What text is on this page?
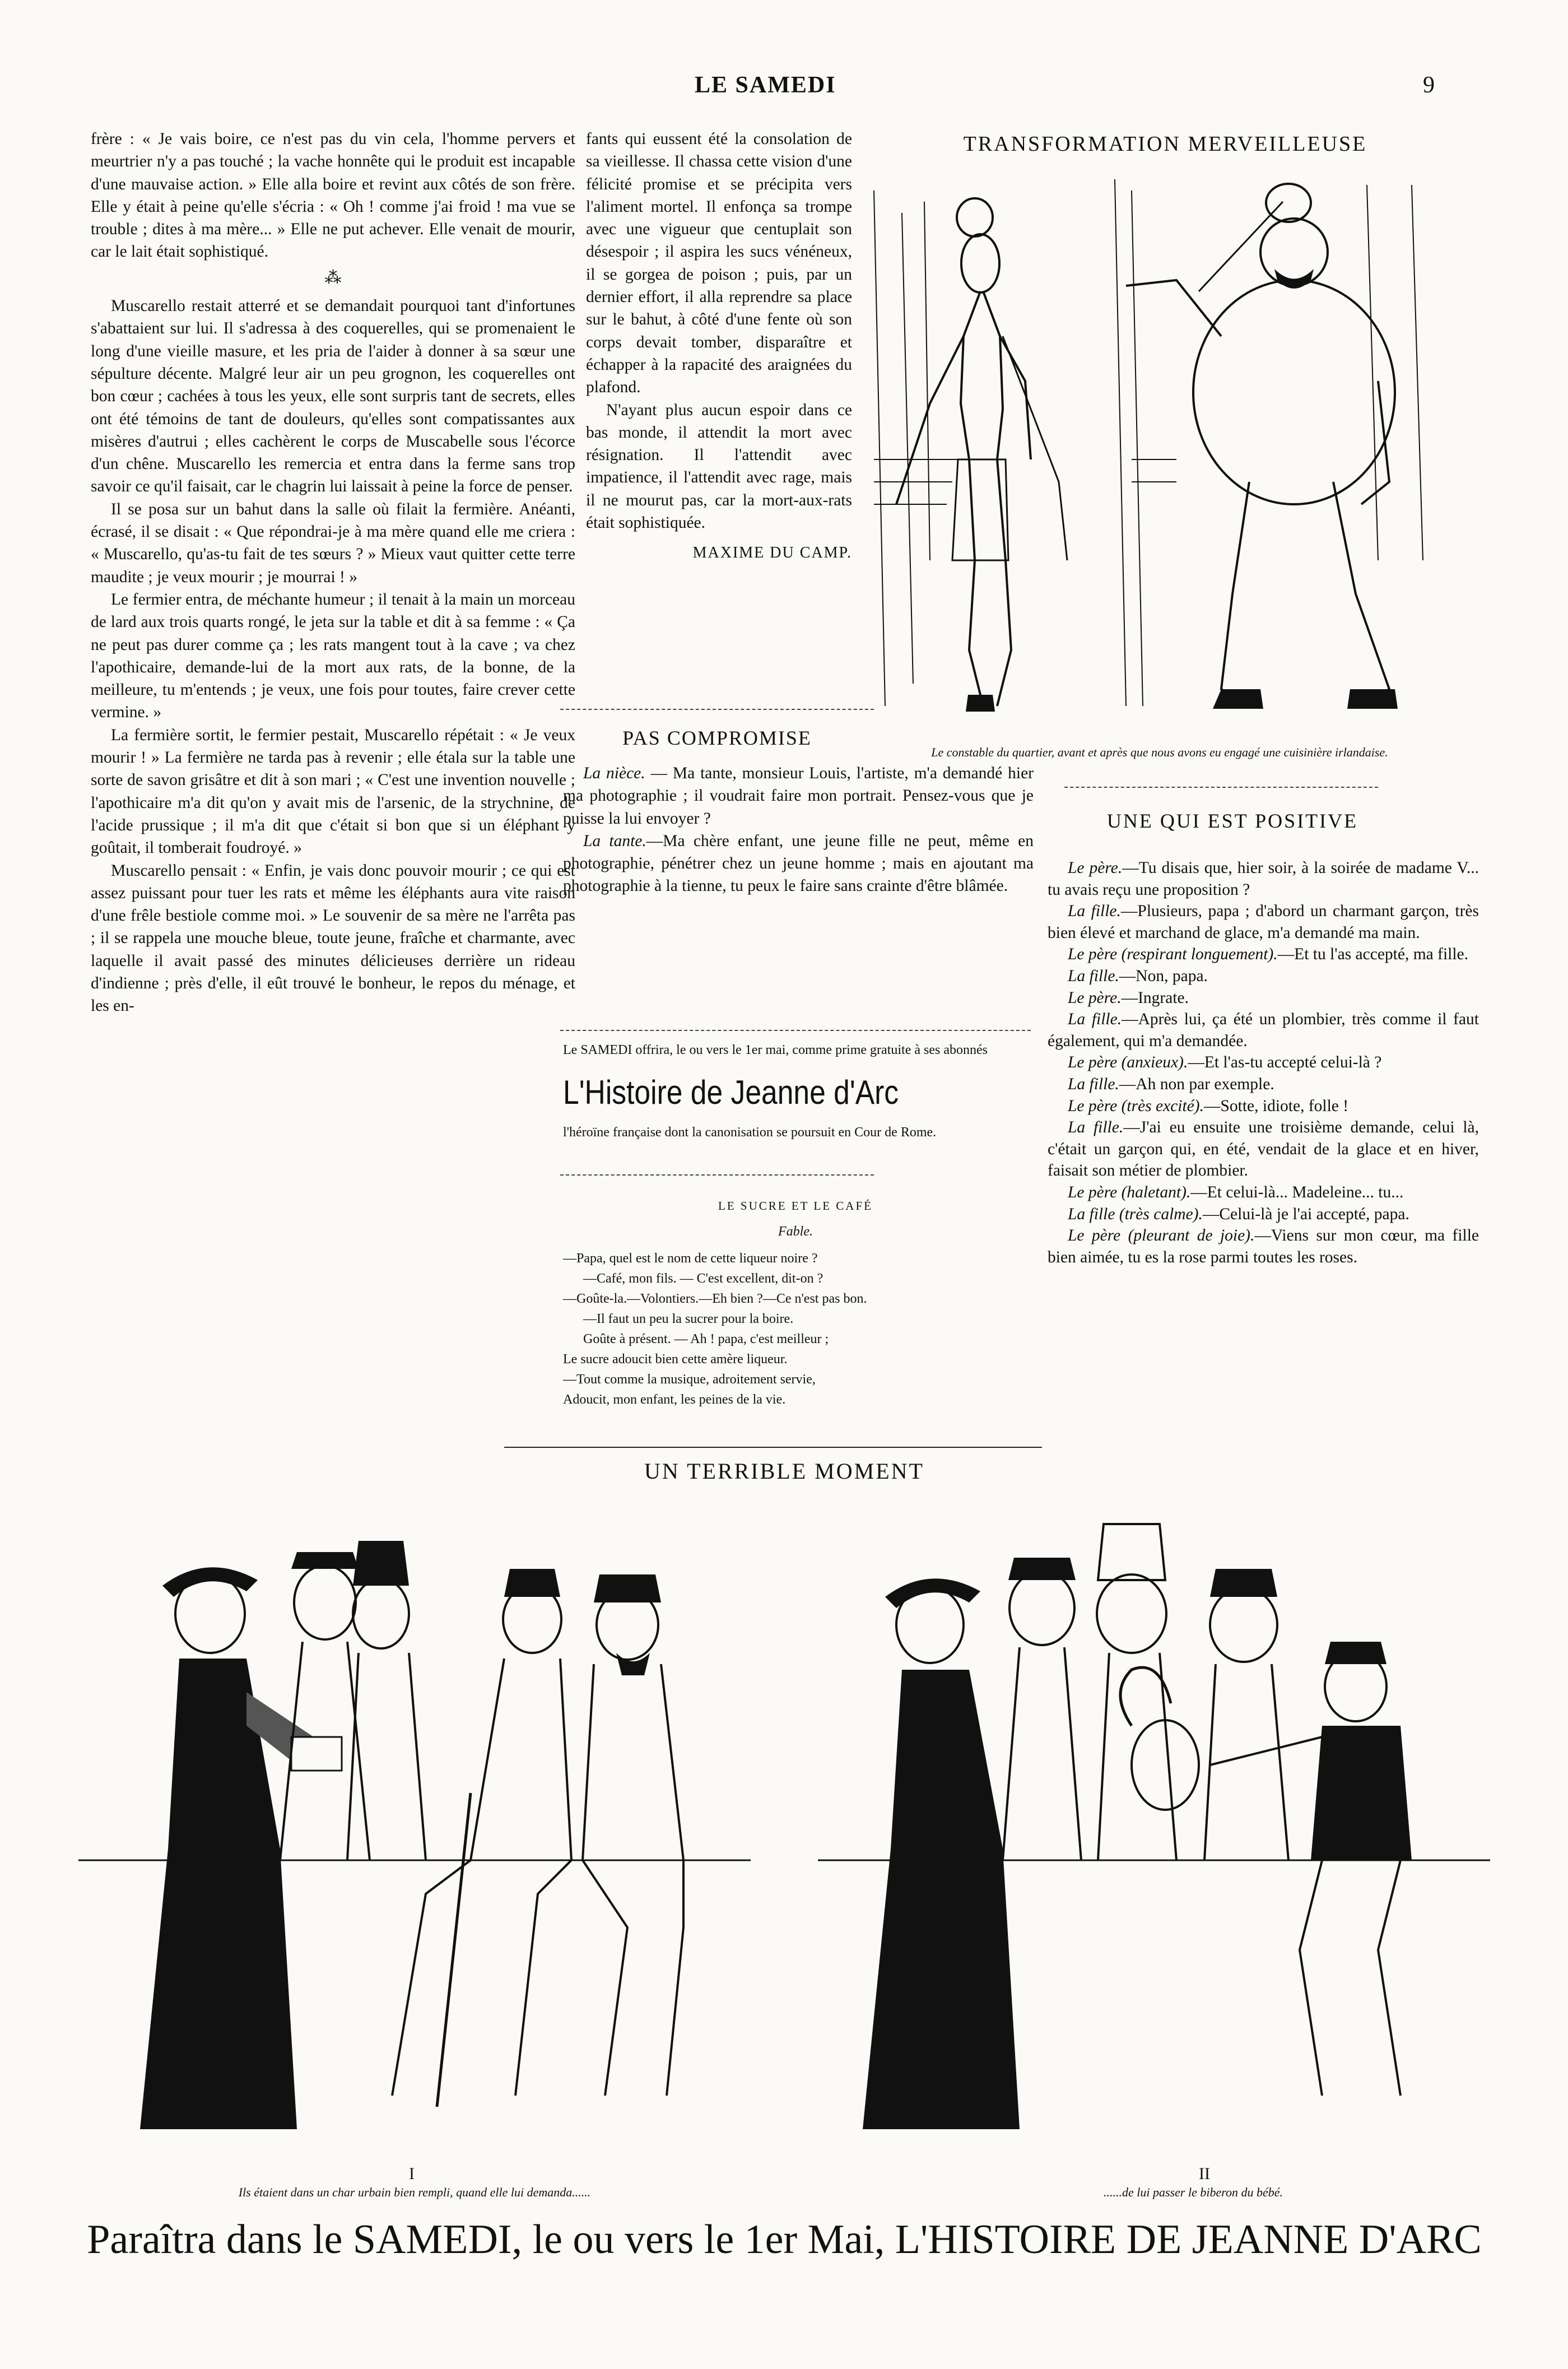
LE SAMEDI	9

frère : « Je vais boire, ce n'est pas du vin cela, l'homme pervers et meurtrier n'y a pas touché ; la vache honnête qui le produit est incapable d'une mauvaise action. » Elle alla boire et revint aux côtés de son frère. Elle y était à peine qu'elle s'écria : « Oh ! comme j'ai froid ! ma vue se trouble ; dites à ma mère... » Elle ne put achever. Elle venait de mourir, car le lait était sophistiqué.

⁂

Muscarello restait atterré et se demandait pourquoi tant d'infortunes s'abattaient sur lui. Il s'adressa à des coquerelles, qui se promenaient le long d'une vieille masure, et les pria de l'aider à donner à sa sœur une sépulture décente. Malgré leur air un peu grognon, les coquerelles ont bon cœur ; cachées à tous les yeux, elle sont surpris tant de secrets, elles ont été témoins de tant de douleurs, qu'elles sont compatissantes aux misères d'autrui ; elles cachèrent le corps de Muscabelle sous l'écorce d'un chêne. Muscarello les remercia et entra dans la ferme sans trop savoir ce qu'il faisait, car le chagrin lui laissait à peine la force de penser.

Il se posa sur un bahut dans la salle où filait la fermière. Anéanti, écrasé, il se disait : « Que répondrai-je à ma mère quand elle me criera : « Muscarello, qu'as-tu fait de tes sœurs ? » Mieux vaut quitter cette terre maudite ; je veux mourir ; je mourrai ! »

Le fermier entra, de méchante humeur ; il tenait à la main un morceau de lard aux trois quarts rongé, le jeta sur la table et dit à sa femme : « Ça ne peut pas durer comme ça ; les rats mangent tout à la cave ; va chez l'apothicaire, demande-lui de la mort aux rats, de la bonne, de la meilleure, tu m'entends ; je veux, une fois pour toutes, faire crever cette vermine. »

La fermière sortit, le fermier pestait, Muscarello répétait : « Je veux mourir ! » La fermière ne tarda pas à revenir ; elle étala sur la table une sorte de savon grisâtre et dit à son mari ; « C'est une invention nouvelle ; l'apothicaire m'a dit qu'on y avait mis de l'arsenic, de la strychnine, de l'acide prussique ; il m'a dit que c'était si bon que si un éléphant y goûtait, il tomberait foudroyé. »

Muscarello pensait : « Enfin, je vais donc pouvoir mourir ; ce qui est assez puissant pour tuer les rats et même les éléphants aura vite raison d'une frêle bestiole comme moi. » Le souvenir de sa mère ne l'arrêta pas ; il se rappela une mouche bleue, toute jeune, fraîche et charmante, avec laquelle il avait passé des minutes délicieuses derrière un rideau d'indienne ; près d'elle, il eût trouvé le bonheur, le repos du ménage, et les en-

fants qui eussent été la consolation de sa vieillesse. Il chassa cette vision d'une félicité promise et se précipita vers l'aliment mortel. Il enfonça sa trompe avec une vigueur que centuplait son désespoir ; il aspira les sucs vénéneux, il se gorgea de poison ; puis, par un dernier effort, il alla reprendre sa place sur le bahut, à côté d'une fente où son corps devait tomber, disparaître et échapper à la rapacité des araignées du plafond.

N'ayant plus aucun espoir dans ce bas monde, il attendit la mort avec résignation. Il l'attendit avec impatience, il l'attendit avec rage, mais il ne mourut pas, car la mort-aux-rats était sophistiquée.

MAXIME DU CAMP.
PAS COMPROMISE

La nièce. — Ma tante, monsieur Louis, l'artiste, m'a demandé hier ma photographie ; il voudrait faire mon portrait. Pensez-vous que je puisse la lui envoyer ?

La tante.—Ma chère enfant, une jeune fille ne peut, même en photographie, pénétrer chez un jeune homme ; mais en ajoutant ma photographie à la tienne, tu peux le faire sans crainte d'être blâmée.

Le SAMEDI offrira, le ou vers le 1er mai, comme prime gratuite à ses abonnés
L'Histoire de Jeanne d'Arc
l'héroïne française dont la canonisation se poursuit en Cour de Rome.
LE SUCRE ET LE CAFÉ
Fable.

—Papa, quel est le nom de cette liqueur noire ?

—Café, mon fils. — C'est excellent, dit-on ?

—Goûte-la.—Volontiers.—Eh bien ?—Ce n'est pas bon.

—Il faut un peu la sucrer pour la boire.

Goûte à présent. — Ah ! papa, c'est meilleur ;

Le sucre adoucit bien cette amère liqueur.

—Tout comme la musique, adroitement servie,

Adoucit, mon enfant, les peines de la vie.

TRANSFORMATION MERVEILLEUSE
Le constable du quartier, avant et après que nous avons eu engagé une cuisinière irlandaise.
UNE QUI EST POSITIVE

Le père.—Tu disais que, hier soir, à la soirée de madame V... tu avais reçu une proposition ?

La fille.—Plusieurs, papa ; d'abord un charmant garçon, très bien élevé et marchand de glace, m'a demandé ma main.

Le père (respirant longuement).—Et tu l'as accepté, ma fille.

La fille.—Non, papa.

Le père.—Ingrate.

La fille.—Après lui, ça été un plombier, très comme il faut également, qui m'a demandée.

Le père (anxieux).—Et l'as-tu accepté celui-là ?

La fille.—Ah non par exemple.

Le père (très excité).—Sotte, idiote, folle !

La fille.—J'ai eu ensuite une troisième demande, celui là, c'était un garçon qui, en été, vendait de la glace et en hiver, faisait son métier de plombier.

Le père (haletant).—Et celui-là... Madeleine... tu...

La fille (très calme).—Celui-là je l'ai accepté, papa.

Le père (pleurant de joie).—Viens sur mon cœur, ma fille bien aimée, tu es la rose parmi toutes les roses.

UN TERRIBLE MOMENT
I	II
Ils étaient dans un char urbain bien rempli, quand elle lui demanda......	......de lui passer le biberon du bébé.
Paraîtra dans le SAMEDI, le ou vers le 1er Mai, L'HISTOIRE DE JEANNE D'ARC
